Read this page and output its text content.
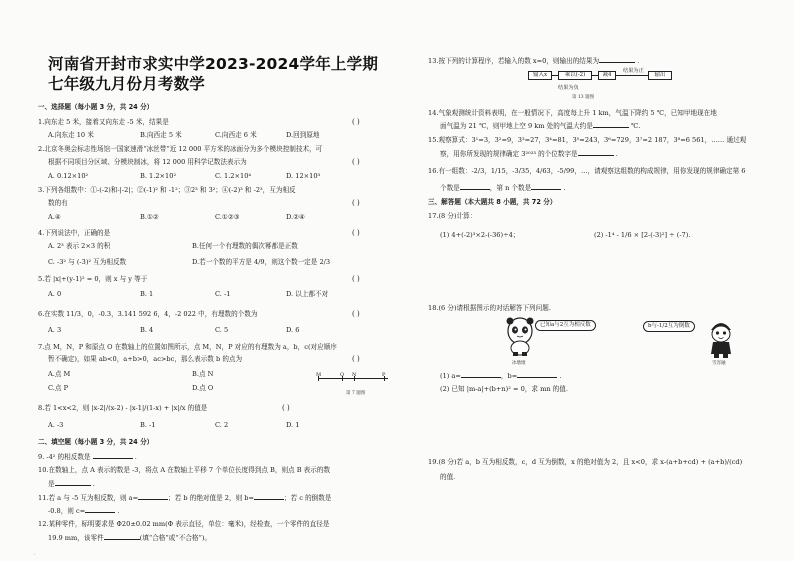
河南省开封市求实中学2023-2024学年上学期七年级九月份月考数学
一、选择题（每小题 3 分，共 24 分）
1.向东走 5 米，接着又向东走 -5 米，结果是	( )
A.向东走 10 米	B.向西走 5 米	C.向西走 6 米	D.回到原地
2.北京冬奥会标志性场馆一国家速滑“冰丝带”近 12 000 平方米的冰面分为多个模块控制技术，可
根据不同项目分区域、分模块制冰，将 12 000 用科学记数法表示为	( )
A. 0.12×10²	B. 1.2×10²	C. 1.2×10⁴	D. 12×10³
3.下列各组数中：①-(-2)和-|-2|；②(-1)² 和 -1²；③2³ 和 3²；④(-2)³ 和 -2³，互为相反
数的有	( )
A.④	B.①②	C.①②③	D.②④
4.下列说法中，正确的是	( )
A. 2³ 表示 2×3 的积	B.任何一个有理数的偶次幂都是正数
C. -3² 与 (-3)² 互为相反数	D.若一个数的平方是 4/9，则这个数一定是 2/3
5.若 |x|+(y-1)² = 0，则 x 与 y 等于	( )
A. 0	B. 1	C. -1	D. 以上都不对
6.在实数 11/3，0，-0.3，3.141 592 6，4，-2 022 中，有理数的个数为	( )
A. 3	B. 4	C. 5	D. 6
7.点 M，N，P 和原点 O 在数轴上的位置如图所示，点 M，N，P 对应的有理数为 a，b，c(对应顺序
暂不确定)，如果 ab<0，a+b>0，ac>bc，那么表示数 b 的点为	( )
A.点 M	B.点 N
C.点 P	D.点 O
M	O N	P
第 7 题图
8.若 1<x<2，则 |x-2|/(x-2) - |x-1|/(1-x) + |x|/x 的值是	( )
A. -3	B. -1	C. 2	D. 1
二、填空题（每小题 3 分，共 24 分）
9. -4² 的相反数是	.
10.在数轴上，点 A 表示的数是 -3，将点 A 在数轴上平移 7 个单位长度得到点 B，则点 B 表示的数
是	.
11.若 a 与 -5 互为相反数，则 a=	；若 b 的绝对值是 2，则 b=	；若 c 的倒数是
-0.8，则 c=	.
12.某种零件，标明要求是 Φ20±0.02 mm(Φ 表示直径，单位：毫米)，经检查，一个零件的直径是
19.9 mm，该零件	(填“合格”或“不合格”)。
·
13.按下列的计算程序，若输入的数 x=0，则输出的结果为	.
输入x	乘以(-2)	减4
结果为正
输出
结果为负
第 13 题图
14.气象观测统计资料表明，在一般情况下，高度每上升 1 km，气温下降约 5 ℃，已知甲地现在地
面气温为 21 ℃，则甲地上空 9 km 处的气温大约是	℃.
15.观察算式：3¹=3，3²=9，3³=27，3⁴=81，3⁵=243，3⁶=729，3⁷=2 187，3⁸=6 561，…… 通过观
察，用你所发现的规律确定 3²⁰²³ 的个位数字是	.
16.有一组数：-2/3，1/15，-3/35，4/63，-5/99，…，请观察这组数的构成规律，用你发现的规律确定第 6
个数是	，第 n 个数是	.
三、解答题（本大题共 8 小题，共 72 分）
17.(8 分)计算：
(1) 4+(-2)³×2-(-36)÷4；	(2) -1⁴ - 1/6 × [2-(-3)²] ÷ (-7).
18.(6 分)请根据图示的对话解答下列问题.
已知a与2互为相反数
冰墩墩
b与-1/2互为倒数
雪容融
(1) a=	，b=	.
(2) 已知 |m-a|+(b+n)² = 0，求 mn 的值.
19.(8 分)若 a，b 互为相反数，c，d 互为倒数，x 的绝对值为 2，且 x<0，求 x-(a+b+cd) + (a+b)/(cd)
的值.
